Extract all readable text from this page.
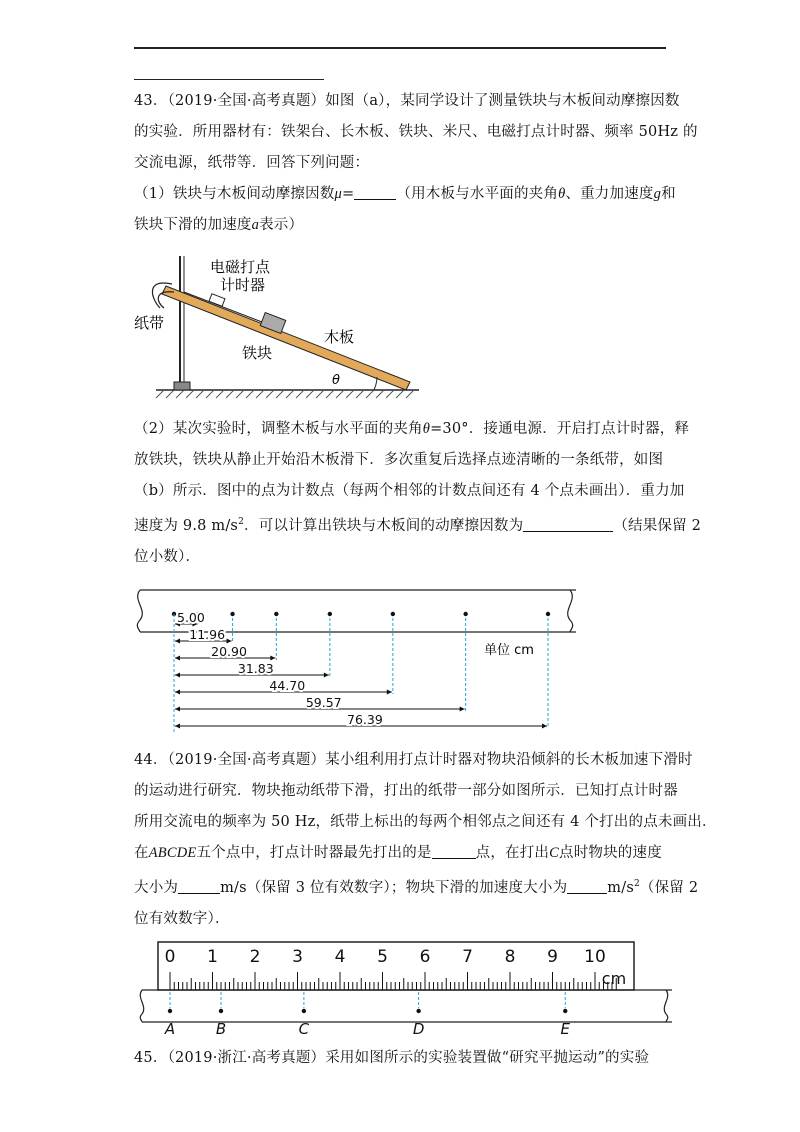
43．（2019·全国·高考真题）如图（a），某同学设计了测量铁块与木板间动摩擦因数

的实验．所用器材有：铁架台、长木板、铁块、米尺、电磁打点计时器、频率 50Hz 的

交流电源，纸带等．回答下列问题：

（1）铁块与木板间动摩擦因数μ=	（用木板与水平面的夹角θ、重力加速度g和

铁块下滑的加速度a表示）

电磁打点
计时器
纸带
铁块
木板
θ

（2）某次实验时，调整木板与水平面的夹角θ=30°．接通电源．开启打点计时器，释

放铁块，铁块从静止开始沿木板滑下．多次重复后选择点迹清晰的一条纸带，如图

（b）所示．图中的点为计数点（每两个相邻的计数点间还有 4 个点未画出）．重力加

速度为 9.8 $m/s^2$．可以计算出铁块与木板间的动摩擦因数为	（结果保留 2

位小数）．

5.00
11.96
20.90
31.83
44.70
59.57
76.39
单位 cm

44．（2019·全国·高考真题）某小组利用打点计时器对物块沿倾斜的长木板加速下滑时

的运动进行研究．物块拖动纸带下滑，打出的纸带一部分如图所示．已知打点计时器

所用交流电的频率为 50 Hz，纸带上标出的每两个相邻点之间还有 4 个打出的点未画出．

在ABCDE五个点中，打点计时器最先打出的是	点，在打出C点时物块的速度

大小为	m/s（保留 3 位有效数字）；物块下滑的加速度大小为	$m/s^2$（保留 2

位有效数字）．

0 1 2 3 4 5 6 7 8 9 10
cm
A	B	C	D	E

45．（2019·浙江·高考真题）采用如图所示的实验装置做“研究平抛运动”的实验
